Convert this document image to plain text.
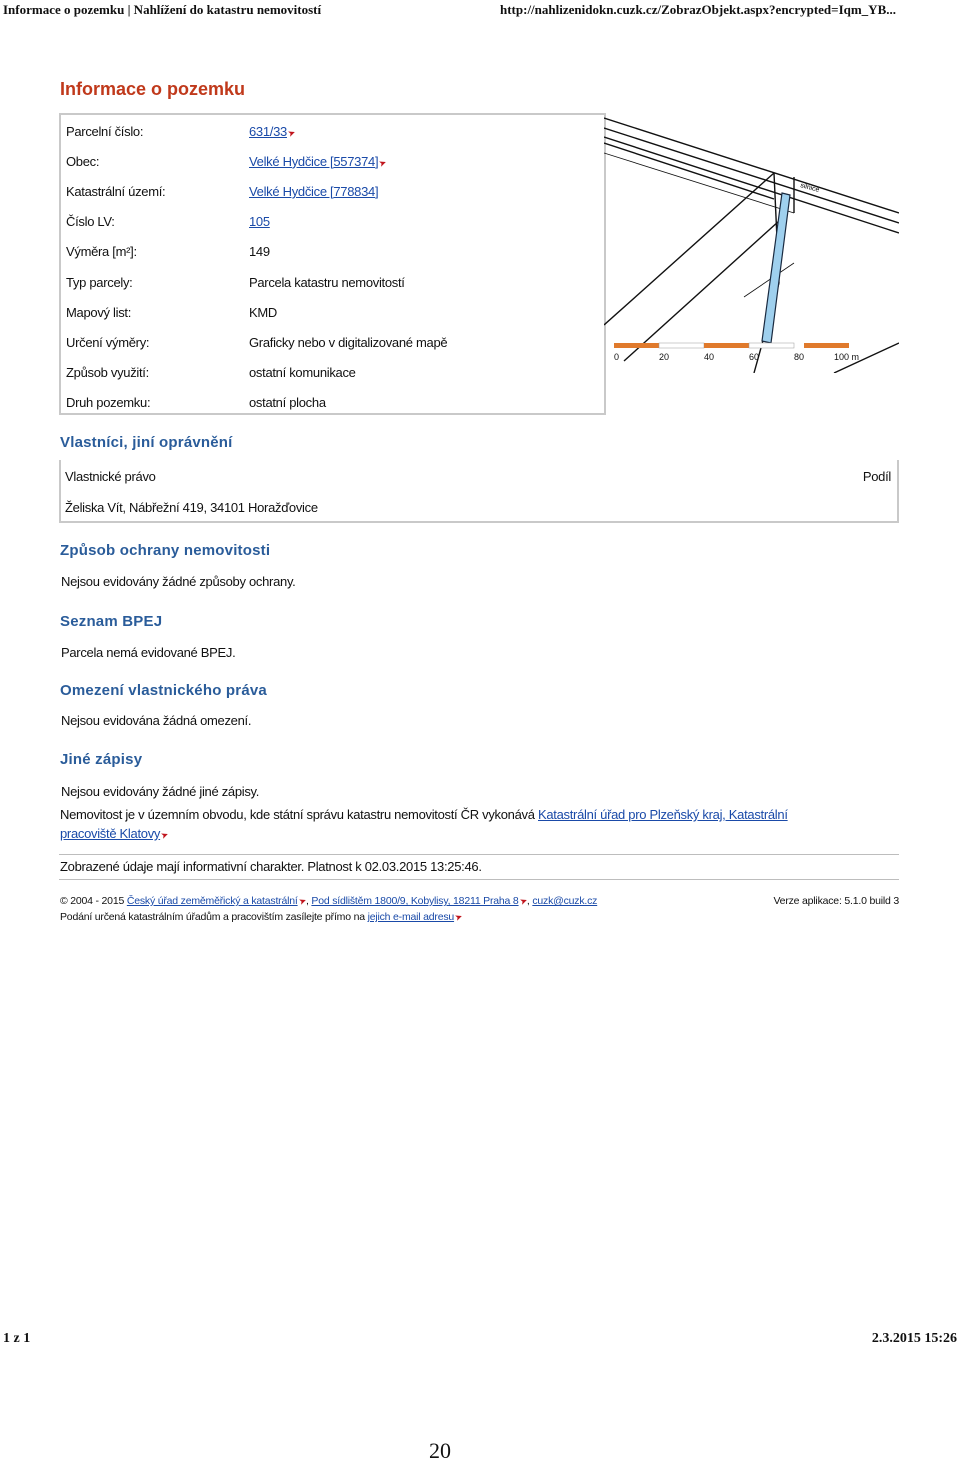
Informace o pozemku | Nahlížení do katastru nemovitostí	http://nahlizenidokn.cuzk.cz/ZobrazObjekt.aspx?encrypted=Iqm_YB...
Informace o pozemku
Parcelní číslo:	631/33➤
Obec:	Velké Hydčice [557374]➤
Katastrální území:	Velké Hydčice [778834]
Číslo LV:	105
Výměra [m²]:	149
Typ parcely:	Parcela katastru nemovitostí
Mapový list:	KMD
Určení výměry:	Graficky nebo v digitalizované mapě
Způsob využití:	ostatní komunikace
Druh pozemku:	ostatní plocha
silnice
0	20	40	60	80	100 m
Vlastníci, jiní oprávnění
Vlastnické právo	Podíl
Želiska Vít, Nábřežní 419, 34101 Horažďovice
Způsob ochrany nemovitosti
Nejsou evidovány žádné způsoby ochrany.
Seznam BPEJ
Parcela nemá evidované BPEJ.
Omezení vlastnického práva
Nejsou evidována žádná omezení.
Jiné zápisy
Nejsou evidovány žádné jiné zápisy.
Nemovitost je v územním obvodu, kde státní správu katastru nemovitostí ČR vykonává Katastrální úřad pro Plzeňský kraj, Katastrální
pracoviště Klatovy➤
Zobrazené údaje mají informativní charakter. Platnost k 02.03.2015 13:25:46.
© 2004 - 2015 Český úřad zeměměřický a katastrální➤, Pod sídlištěm 1800/9, Kobylisy, 18211 Praha 8➤, cuzk@cuzk.cz	Verze aplikace: 5.1.0 build 3
Podání určená katastrálním úřadům a pracovištím zasílejte přímo na jejich e-mail adresu➤
1 z 1	2.3.2015 15:26
20
